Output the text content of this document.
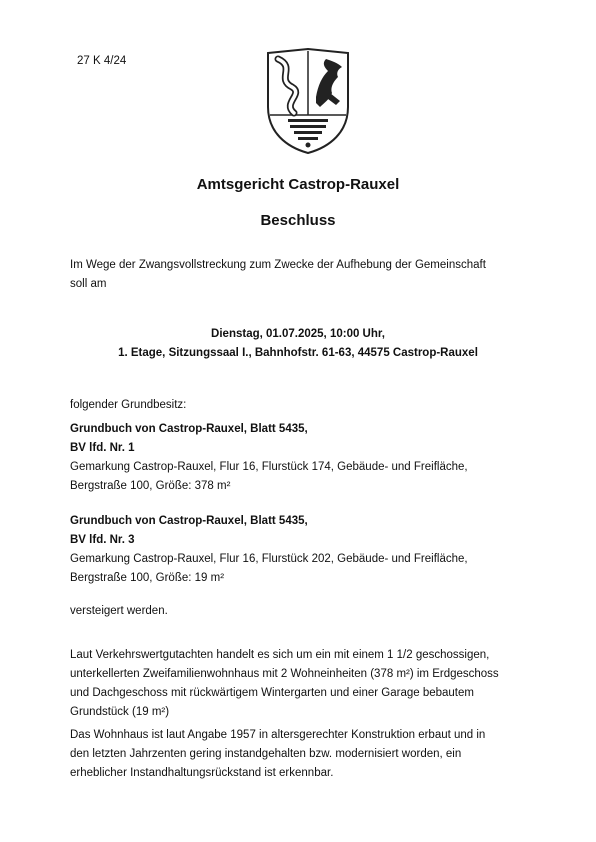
27 K 4/24
Amtsgericht Castrop-Rauxel
Beschluss
Im Wege der Zwangsvollstreckung zum Zwecke der Aufhebung der Gemeinschaft
soll am
Dienstag, 01.07.2025, 10:00 Uhr,
1. Etage, Sitzungssaal I., Bahnhofstr. 61-63, 44575 Castrop-Rauxel
folgender Grundbesitz:
Grundbuch von Castrop-Rauxel, Blatt 5435,
BV lfd. Nr. 1
Gemarkung Castrop-Rauxel, Flur 16, Flurstück 174, Gebäude- und Freifläche,
Bergstraße 100, Größe: 378 m²
Grundbuch von Castrop-Rauxel, Blatt 5435,
BV lfd. Nr. 3
Gemarkung Castrop-Rauxel, Flur 16, Flurstück 202, Gebäude- und Freifläche,
Bergstraße 100, Größe: 19 m²
versteigert werden.
Laut Verkehrswertgutachten handelt es sich um ein mit einem 1 1/2 geschossigen,
unterkellerten Zweifamilienwohnhaus mit 2 Wohneinheiten (378 m²) im Erdgeschoss
und Dachgeschoss mit rückwärtigem Wintergarten und einer Garage bebautem
Grundstück (19 m²)
Das Wohnhaus ist laut Angabe 1957 in altersgerechter Konstruktion erbaut und in
den letzten Jahrzenten gering instandgehalten bzw. modernisiert worden, ein
erheblicher Instandhaltungsrückstand ist erkennbar.
